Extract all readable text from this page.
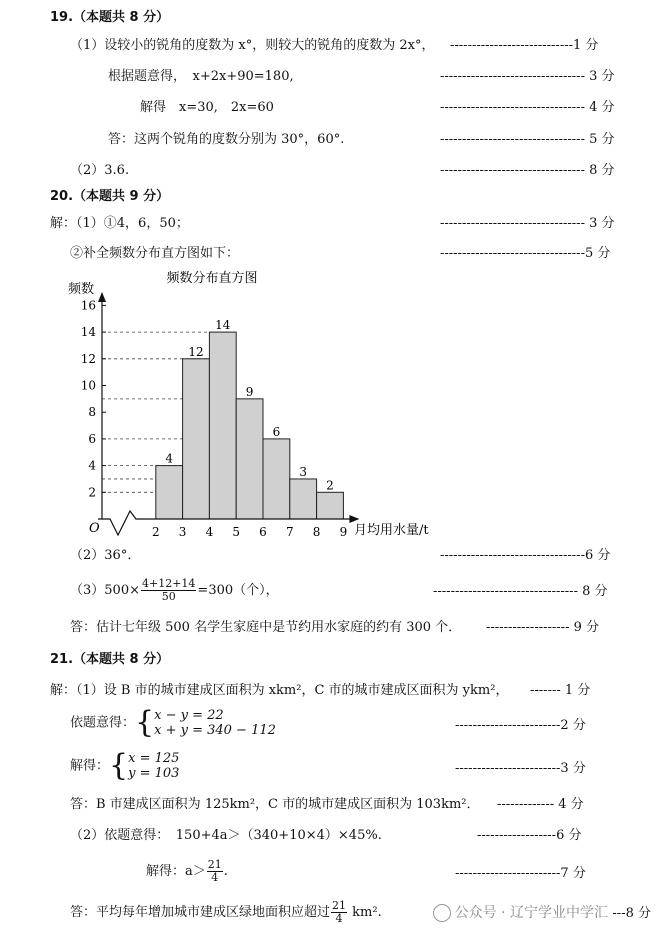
19.（本题共 8 分）
（1）设较小的锐角的度数为 x°，则较大的锐角的度数为 2x°， ----------------------------1 分
根据题意得，　x+2x+90=180,	--------------------------------- 3 分
解得　x=30,　2x=60	--------------------------------- 4 分
答：这两个锐角的度数分别为 30°，60°.	--------------------------------- 5 分
（2）3.6.	--------------------------------- 8 分
20.（本题共 9 分）
解：（1）①4，6，50；	--------------------------------- 3 分
②补全频数分布直方图如下：	---------------------------------5 分
频数分布直方图
频数
月均用水量/t
O
4
12
14
9
6
3
2
2
4
6
8
10
12
14
16
2 3 4 5 6 7 8 9
（2）36°．	---------------------------------6 分
$(3)500\times \frac{4+12+14}{50} =300$（个），	--------------------------------- 8 分
答：估计七年级 500 名学生家庭中是节约用水家庭的约有 300 个． ------------------- 9 分
21.（本题共 8 分）
解：（1）设 B 市的城市建成区面积为 xkm²，C 市的城市建成区面积为 ykm²， ------- 1 分
依题意得：{ x − y = 22
x + y = 340 − 112	------------------------2 分
解得：{ x = 125
y = 103	------------------------3 分
答：B 市建成区面积为 125km²，C 市的城市建成区面积为 103km²． ------------- 4 分
（2）依题意得：　150+4a＞（340+10×4）×45%.	------------------6 分
解得：$a> \frac{21}{4}$ .	------------------------7 分
答：平均每年增加城市建成区绿地面积应超过 $\frac{21}{4} km^2$.	公众号 · 辽宁学业中学汇 ---8 分
